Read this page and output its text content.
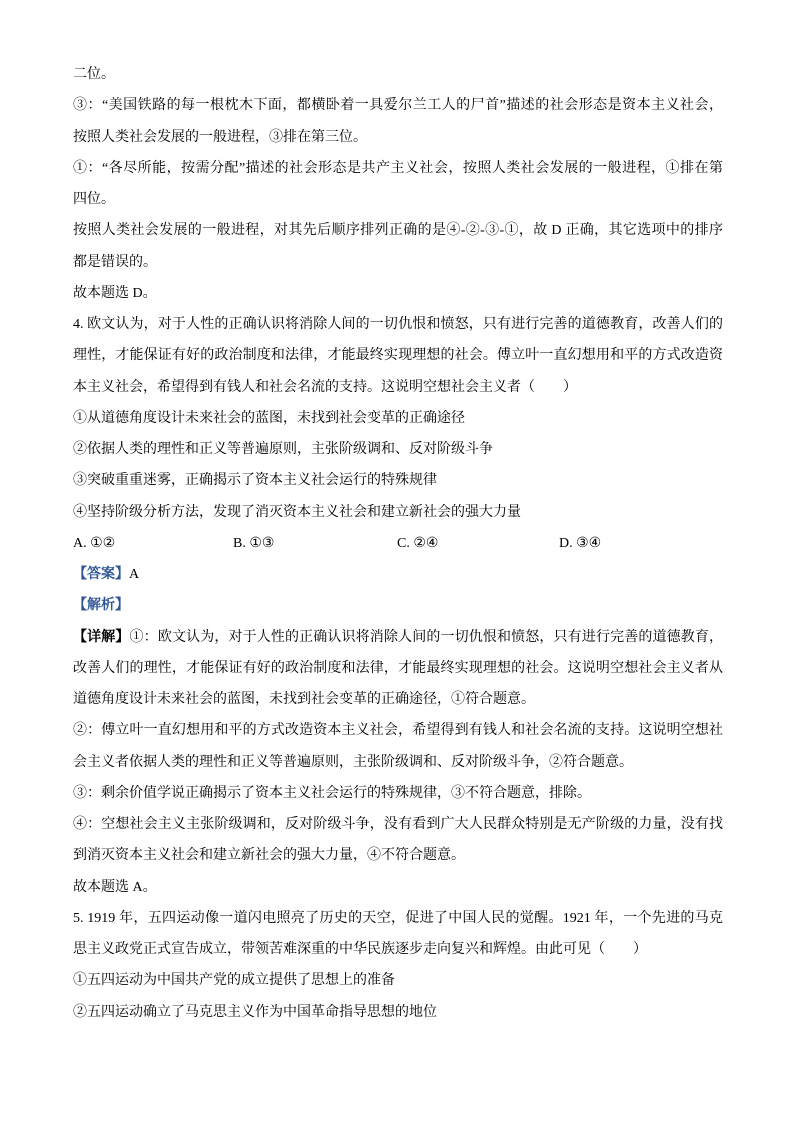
二位。
③：“美国铁路的每一根枕木下面，都横卧着一具爱尔兰工人的尸首”描述的社会形态是资本主义社会，
按照人类社会发展的一般进程，③排在第三位。
①：“各尽所能，按需分配”描述的社会形态是共产主义社会，按照人类社会发展的一般进程，①排在第
四位。
按照人类社会发展的一般进程，对其先后顺序排列正确的是④-②-③-①，故 D 正确，其它选项中的排序
都是错误的。
故本题选 D。
4. 欧文认为，对于人性的正确认识将消除人间的一切仇恨和愤怒，只有进行完善的道德教育，改善人们的
理性，才能保证有好的政治制度和法律，才能最终实现理想的社会。傅立叶一直幻想用和平的方式改造资
本主义社会，希望得到有钱人和社会名流的支持。这说明空想社会主义者（　　）
①从道德角度设计未来社会的蓝图，未找到社会变革的正确途径
②依据人类的理性和正义等普遍原则，主张阶级调和、反对阶级斗争
③突破重重迷雾，正确揭示了资本主义社会运行的特殊规律
④坚持阶级分析方法，发现了消灭资本主义社会和建立新社会的强大力量
A. ①②	B. ①③	C. ②④	D. ③④
【答案】A
【解析】
【详解】①：欧文认为，对于人性的正确认识将消除人间的一切仇恨和愤怒，只有进行完善的道德教育，
改善人们的理性，才能保证有好的政治制度和法律，才能最终实现理想的社会。这说明空想社会主义者从
道德角度设计未来社会的蓝图，未找到社会变革的正确途径，①符合题意。
②：傅立叶一直幻想用和平的方式改造资本主义社会，希望得到有钱人和社会名流的支持。这说明空想社
会主义者依据人类的理性和正义等普遍原则，主张阶级调和、反对阶级斗争，②符合题意。
③：剩余价值学说正确揭示了资本主义社会运行的特殊规律，③不符合题意，排除。
④：空想社会主义主张阶级调和，反对阶级斗争，没有看到广大人民群众特别是无产阶级的力量，没有找
到消灭资本主义社会和建立新社会的强大力量，④不符合题意。
故本题选 A。
5. 1919 年，五四运动像一道闪电照亮了历史的天空，促进了中国人民的觉醒。1921 年，一个先进的马克
思主义政党正式宣告成立，带领苦难深重的中华民族逐步走向复兴和辉煌。由此可见（　　）
①五四运动为中国共产党的成立提供了思想上的准备
②五四运动确立了马克思主义作为中国革命指导思想的地位
